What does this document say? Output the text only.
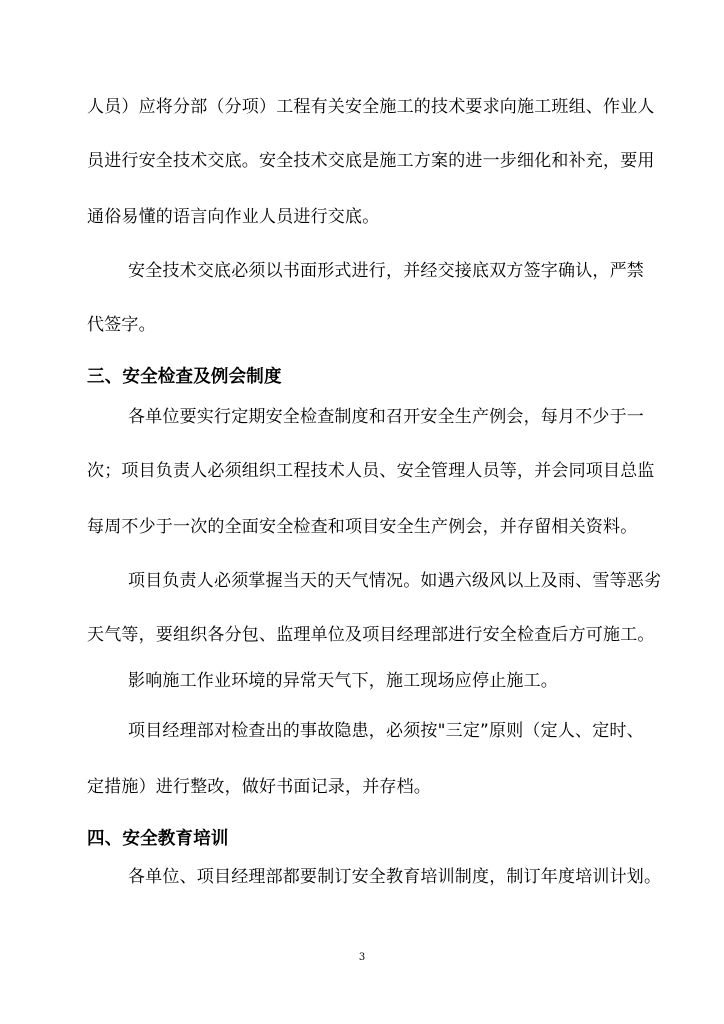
人员）应将分部（分项）工程有关安全施工的技术要求向施工班组、作业人
员进行安全技术交底。安全技术交底是施工方案的进一步细化和补充，要用
通俗易懂的语言向作业人员进行交底。
安全技术交底必须以书面形式进行，并经交接底双方签字确认，严禁
代签字。
三、安全检查及例会制度
各单位要实行定期安全检查制度和召开安全生产例会，每月不少于一
次；项目负责人必须组织工程技术人员、安全管理人员等，并会同项目总监
每周不少于一次的全面安全检查和项目安全生产例会，并存留相关资料。
项目负责人必须掌握当天的天气情况。如遇六级风以上及雨、雪等恶劣
天气等，要组织各分包、监理单位及项目经理部进行安全检查后方可施工。
影响施工作业环境的异常天气下，施工现场应停止施工。
项目经理部对检查出的事故隐患，必须按"三定”原则（定人、定时、
定措施）进行整改，做好书面记录，并存档。
四、安全教育培训
各单位、项目经理部都要制订安全教育培训制度，制订年度培训计划。
3
